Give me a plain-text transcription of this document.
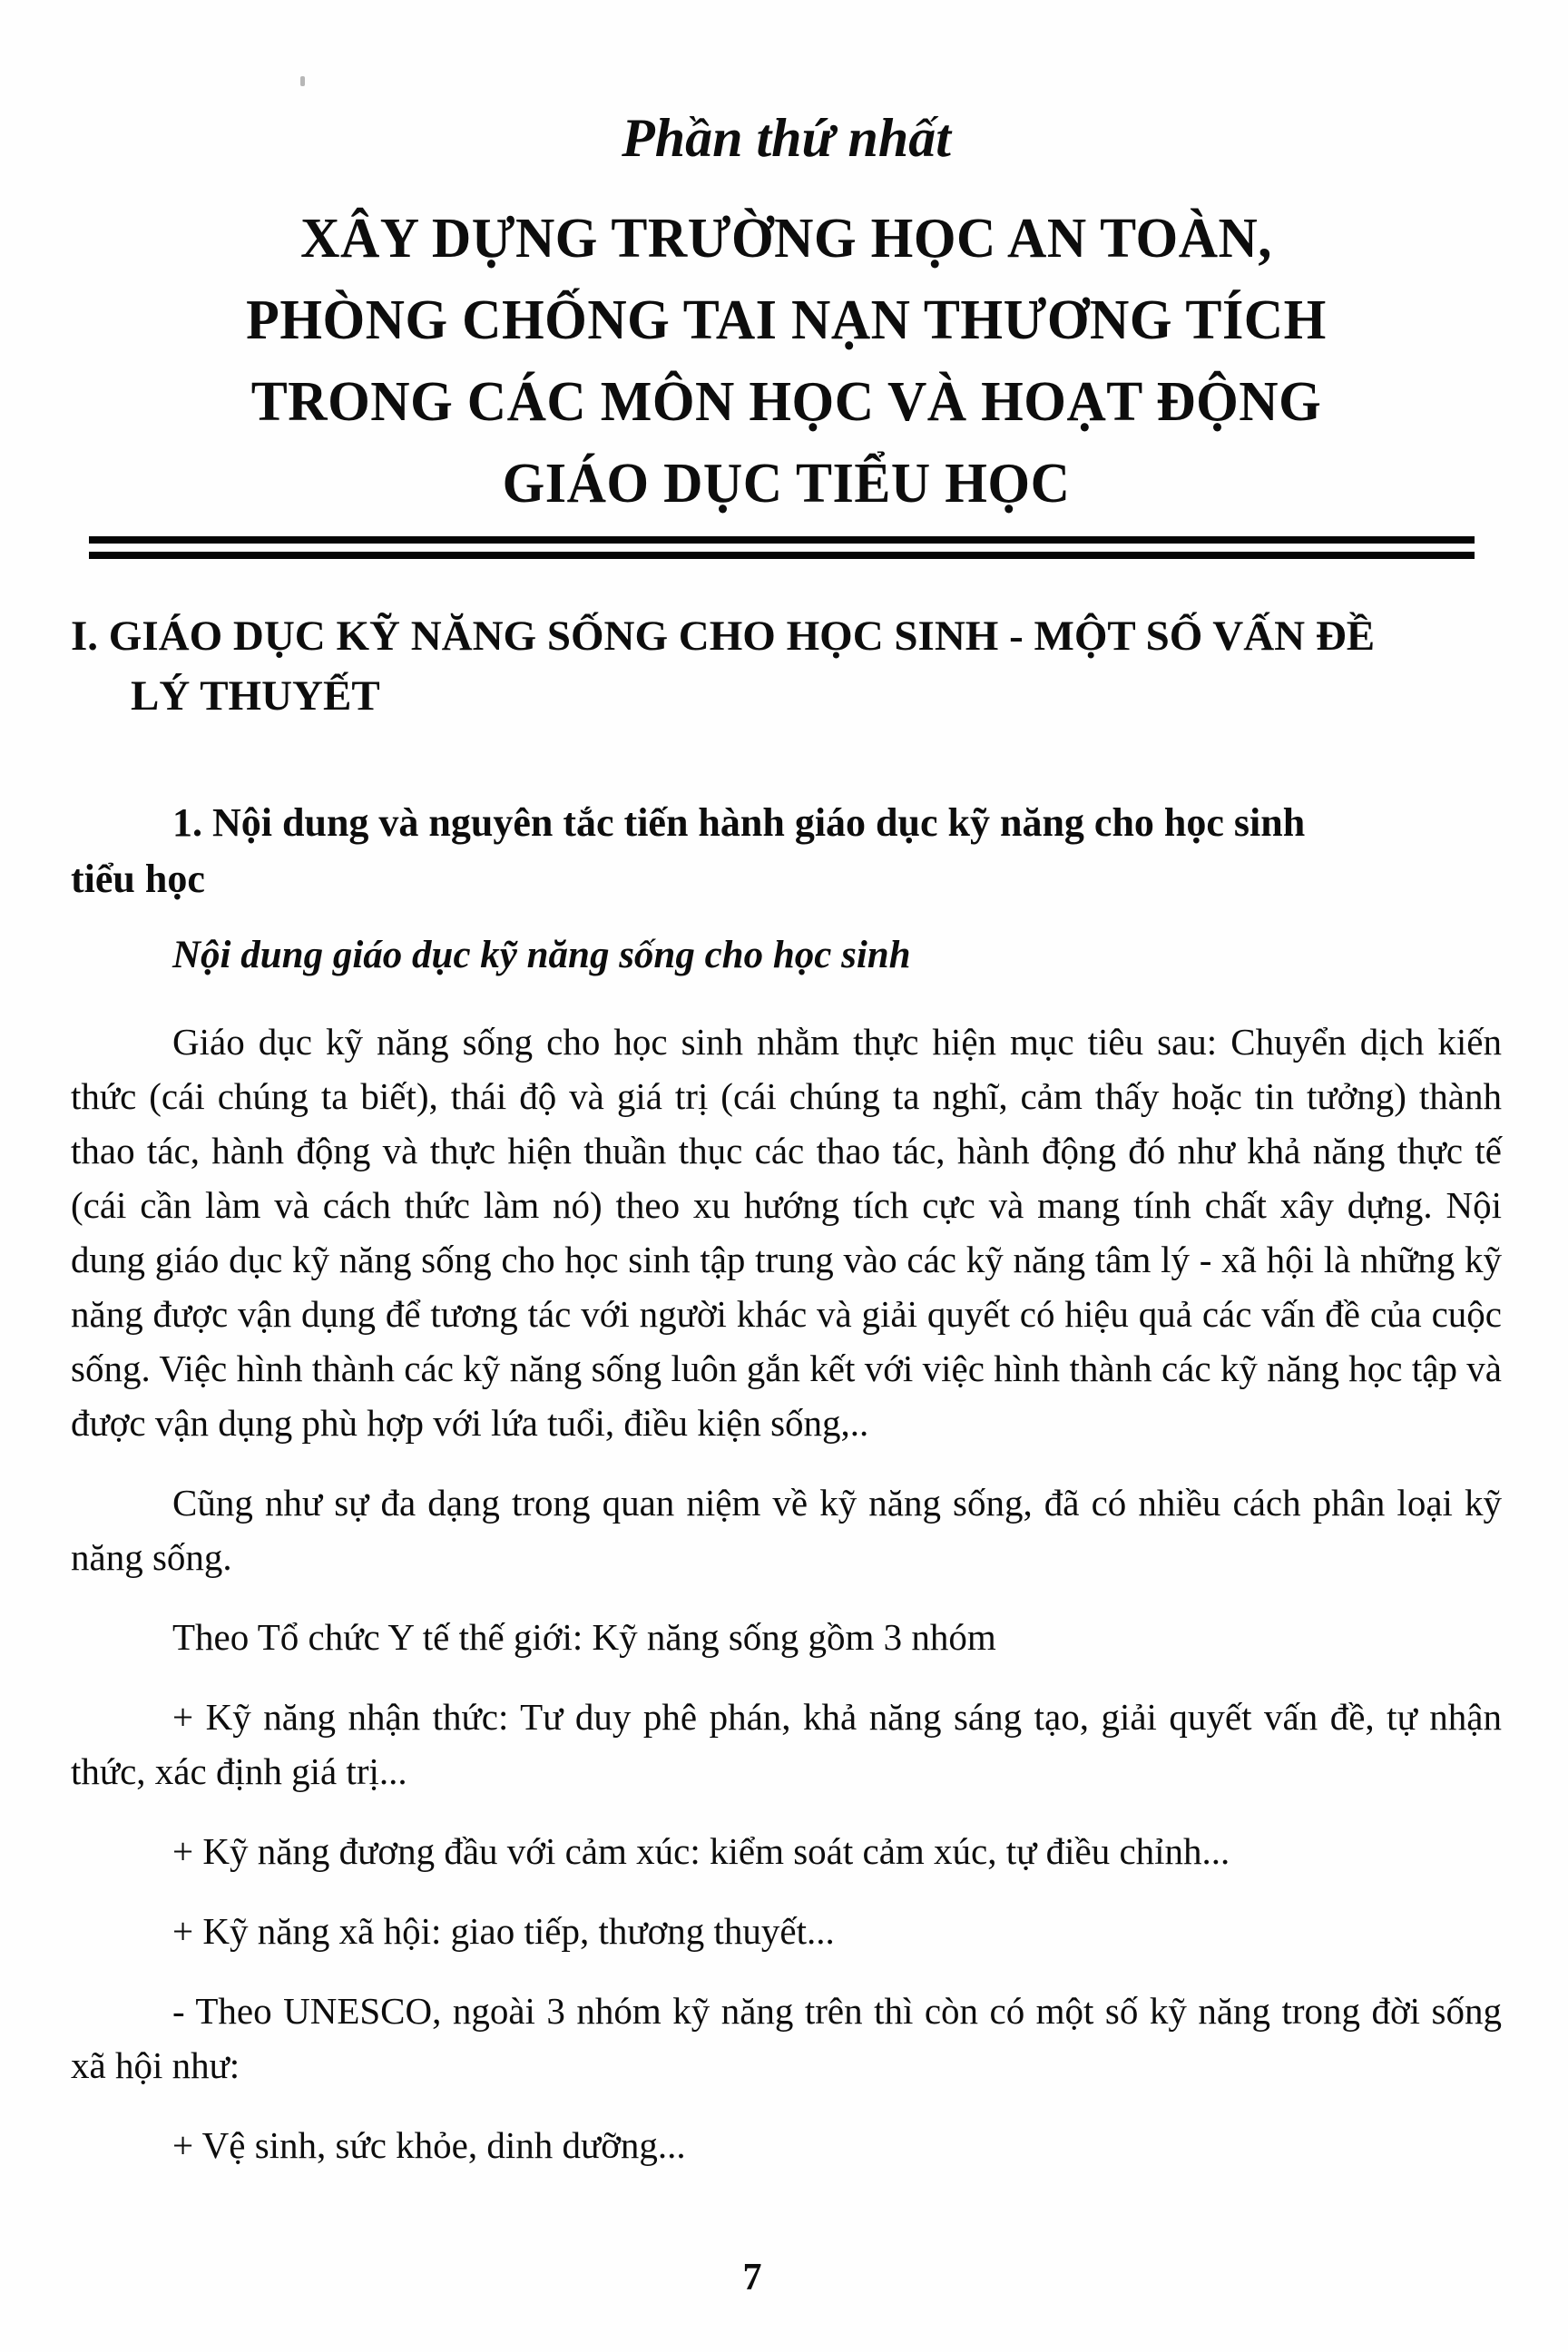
Phần thứ nhất
XÂY DỰNG TRƯỜNG HỌC AN TOÀN,
PHÒNG CHỐNG TAI NẠN THƯƠNG TÍCH
TRONG CÁC MÔN HỌC VÀ HOẠT ĐỘNG
GIÁO DỤC TIỂU HỌC
I. GIÁO DỤC KỸ NĂNG SỐNG CHO HỌC SINH - MỘT SỐ VẤN ĐỀ
LÝ THUYẾT
1. Nội dung và nguyên tắc tiến hành giáo dục kỹ năng cho học sinh
tiểu học
Nội dung giáo dục kỹ năng sống cho học sinh

Giáo dục kỹ năng sống cho học sinh nhằm thực hiện mục tiêu sau: Chuyển dịch kiến thức (cái chúng ta biết), thái độ và giá trị (cái chúng ta nghĩ, cảm thấy hoặc tin tưởng) thành thao tác, hành động và thực hiện thuần thục các thao tác, hành động đó như khả năng thực tế (cái cần làm và cách thức làm nó) theo xu hướng tích cực và mang tính chất xây dựng. Nội dung giáo dục kỹ năng sống cho học sinh tập trung vào các kỹ năng tâm lý - xã hội là những kỹ năng được vận dụng để tương tác với người khác và giải quyết có hiệu quả các vấn đề của cuộc sống. Việc hình thành các kỹ năng sống luôn gắn kết với việc hình thành các kỹ năng học tập và được vận dụng phù hợp với lứa tuổi, điều kiện sống,..

Cũng như sự đa dạng trong quan niệm về kỹ năng sống, đã có nhiều cách phân loại kỹ năng sống.

Theo Tổ chức Y tế thế giới: Kỹ năng sống gồm 3 nhóm

+ Kỹ năng nhận thức: Tư duy phê phán, khả năng sáng tạo, giải quyết vấn đề, tự nhận thức, xác định giá trị...

+ Kỹ năng đương đầu với cảm xúc: kiểm soát cảm xúc, tự điều chỉnh...

+ Kỹ năng xã hội: giao tiếp, thương thuyết...

- Theo UNESCO, ngoài 3 nhóm kỹ năng trên thì còn có một số kỹ năng trong đời sống xã hội như:

+ Vệ sinh, sức khỏe, dinh dưỡng...

7
